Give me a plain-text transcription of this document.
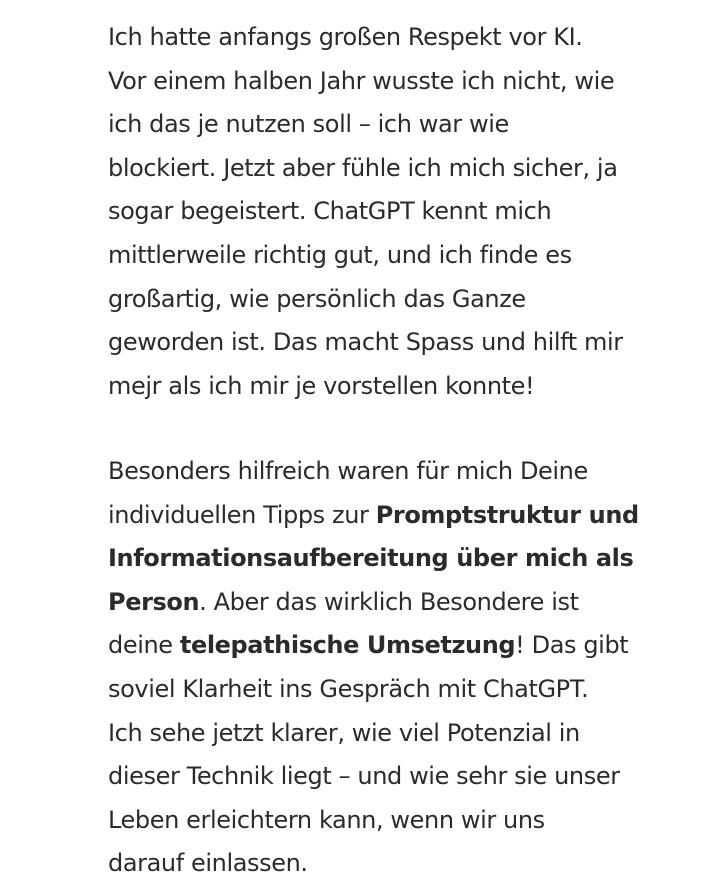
Ich hatte anfangs großen Respekt vor KI.
Vor einem halben Jahr wusste ich nicht, wie
ich das je nutzen soll – ich war wie
blockiert. Jetzt aber fühle ich mich sicher, ja
sogar begeistert. ChatGPT kennt mich
mittlerweile richtig gut, und ich finde es
großartig, wie persönlich das Ganze
geworden ist. Das macht Spass und hilft mir
mejr als ich mir je vorstellen konnte!
Besonders hilfreich waren für mich Deine
individuellen Tipps zur Promptstruktur und
Informationsaufbereitung über mich als
Person. Aber das wirklich Besondere ist
deine telepathische Umsetzung! Das gibt
soviel Klarheit ins Gespräch mit ChatGPT.
Ich sehe jetzt klarer, wie viel Potenzial in
dieser Technik liegt – und wie sehr sie unser
Leben erleichtern kann, wenn wir uns
darauf einlassen.
